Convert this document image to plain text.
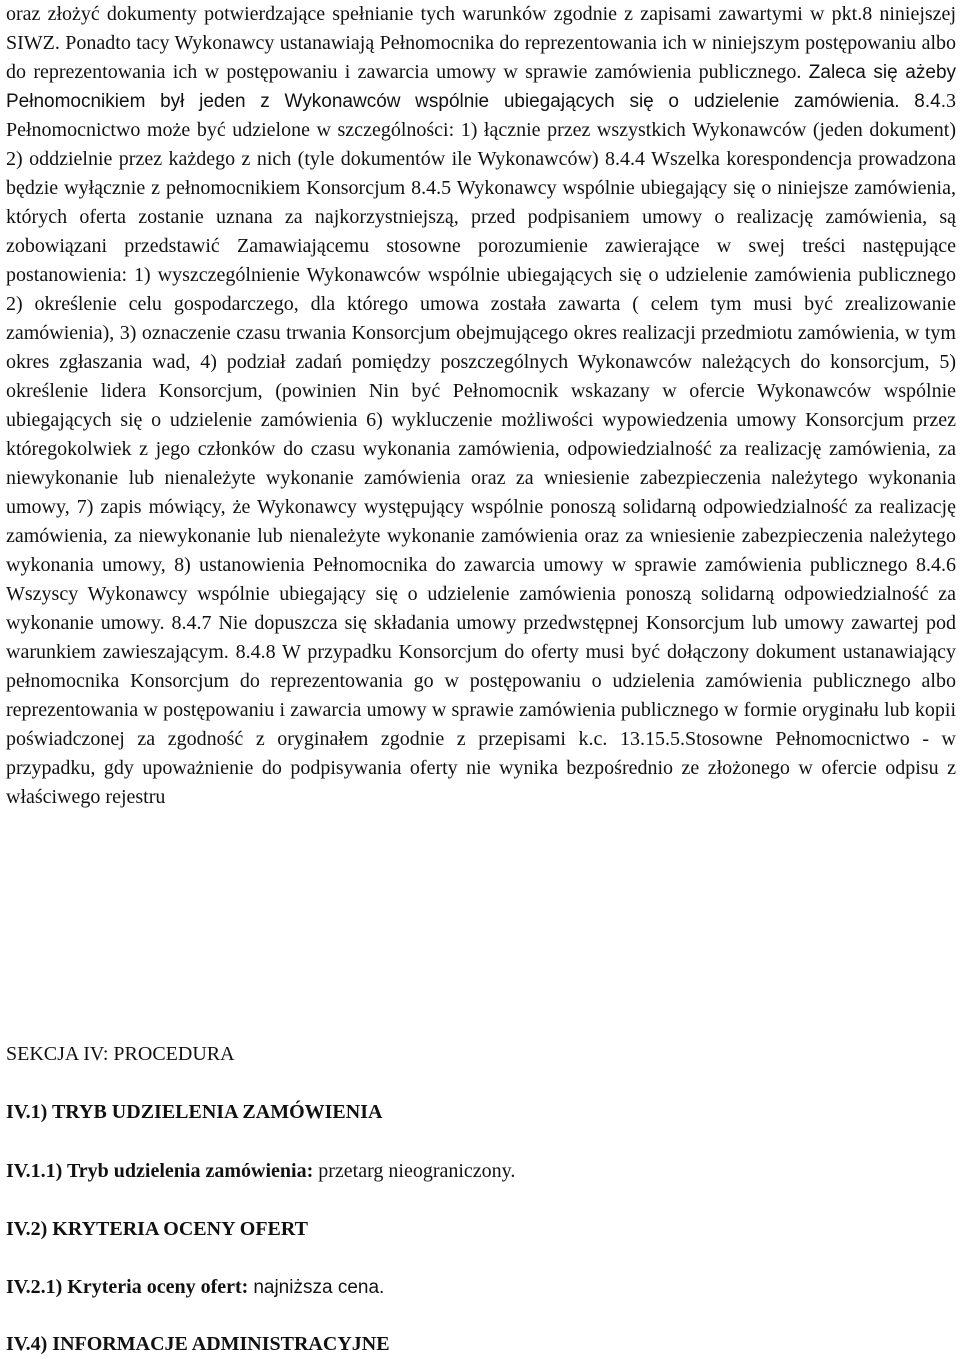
oraz złożyć dokumenty potwierdzające spełnianie tych warunków zgodnie z zapisami zawartymi w pkt.8 niniejszej SIWZ. Ponadto tacy Wykonawcy ustanawiają Pełnomocnika do reprezentowania ich w niniejszym postępowaniu albo do reprezentowania ich w postępowaniu i zawarcia umowy w sprawie zamówienia publicznego. Zaleca się ażeby Pełnomocnikiem był jeden z Wykonawców wspólnie ubiegających się o udzielenie zamówienia. 8.4.3 Pełnomocnictwo może być udzielone w szczególności: 1) łącznie przez wszystkich Wykonawców (jeden dokument) 2) oddzielnie przez każdego z nich (tyle dokumentów ile Wykonawców) 8.4.4 Wszelka korespondencja prowadzona będzie wyłącznie z pełnomocnikiem Konsorcjum 8.4.5 Wykonawcy wspólnie ubiegający się o niniejsze zamówienia, których oferta zostanie uznana za najkorzystniejszą, przed podpisaniem umowy o realizację zamówienia, są zobowiązani przedstawić Zamawiającemu stosowne porozumienie zawierające w swej treści następujące postanowienia: 1) wyszczególnienie Wykonawców wspólnie ubiegających się o udzielenie zamówienia publicznego 2) określenie celu gospodarczego, dla którego umowa została zawarta ( celem tym musi być zrealizowanie zamówienia), 3) oznaczenie czasu trwania Konsorcjum obejmującego okres realizacji przedmiotu zamówienia, w tym okres zgłaszania wad, 4) podział zadań pomiędzy poszczególnych Wykonawców należących do konsorcjum, 5) określenie lidera Konsorcjum, (powinien Nin być Pełnomocnik wskazany w ofercie Wykonawców wspólnie ubiegających się o udzielenie zamówienia 6) wykluczenie możliwości wypowiedzenia umowy Konsorcjum przez któregokolwiek z jego członków do czasu wykonania zamówienia, odpowiedzialność za realizację zamówienia, za niewykonanie lub nienależyte wykonanie zamówienia oraz za wniesienie zabezpieczenia należytego wykonania umowy, 7) zapis mówiący, że Wykonawcy występujący wspólnie ponoszą solidarną odpowiedzialność za realizację zamówienia, za niewykonanie lub nienależyte wykonanie zamówienia oraz za wniesienie zabezpieczenia należytego wykonania umowy, 8) ustanowienia Pełnomocnika do zawarcia umowy w sprawie zamówienia publicznego 8.4.6 Wszyscy Wykonawcy wspólnie ubiegający się o udzielenie zamówienia ponoszą solidarną odpowiedzialność za wykonanie umowy. 8.4.7 Nie dopuszcza się składania umowy przedwstępnej Konsorcjum lub umowy zawartej pod warunkiem zawieszającym. 8.4.8 W przypadku Konsorcjum do oferty musi być dołączony dokument ustanawiający pełnomocnika Konsorcjum do reprezentowania go w postępowaniu o udzielenia zamówienia publicznego albo reprezentowania w postępowaniu i zawarcia umowy w sprawie zamówienia publicznego w formie oryginału lub kopii poświadczonej za zgodność z oryginałem zgodnie z przepisami k.c. 13.15.5.Stosowne Pełnomocnictwo - w przypadku, gdy upoważnienie do podpisywania oferty nie wynika bezpośrednio ze złożonego w ofercie odpisu z właściwego rejestru

SEKCJA IV: PROCEDURA

IV.1) TRYB UDZIELENIA ZAMÓWIENIA

IV.1.1) Tryb udzielenia zamówienia: przetarg nieograniczony.

IV.2) KRYTERIA OCENY OFERT

IV.2.1) Kryteria oceny ofert: najniższa cena.

IV.4) INFORMACJE ADMINISTRACYJNE
